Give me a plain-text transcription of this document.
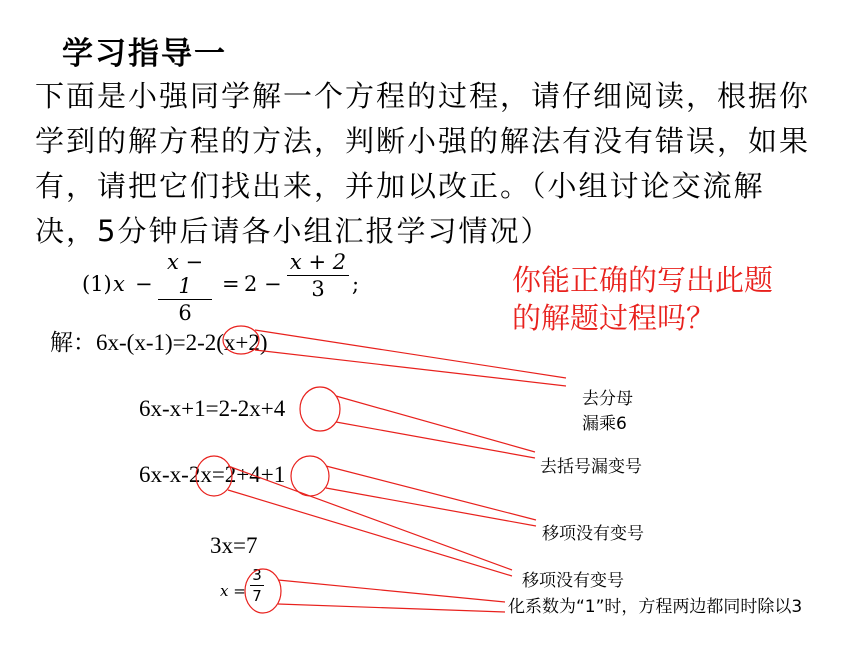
学习指导一
下面是小强同学解一个方程的过程，请仔细阅读，根据你学到的解方程的方法，判断小强的解法有没有错误，如果有，请把它们找出来，并加以改正。（小组讨论交流解决，5分钟后请各小组汇报学习情况）
(1) x −
x − 1
6
= 2 −
x + 2
3	;	你能正确的写出此题的解题过程吗？
解：6x-(x-1)=2-2(x+2)
6x-x+1=2-2x+4
6x-x-2x=2+4+1
3x=7
x =
3
7
去分母
漏乘6
去括号漏变号
移项没有变号
移项没有变号
化系数为“1”时，方程两边都同时除以3
